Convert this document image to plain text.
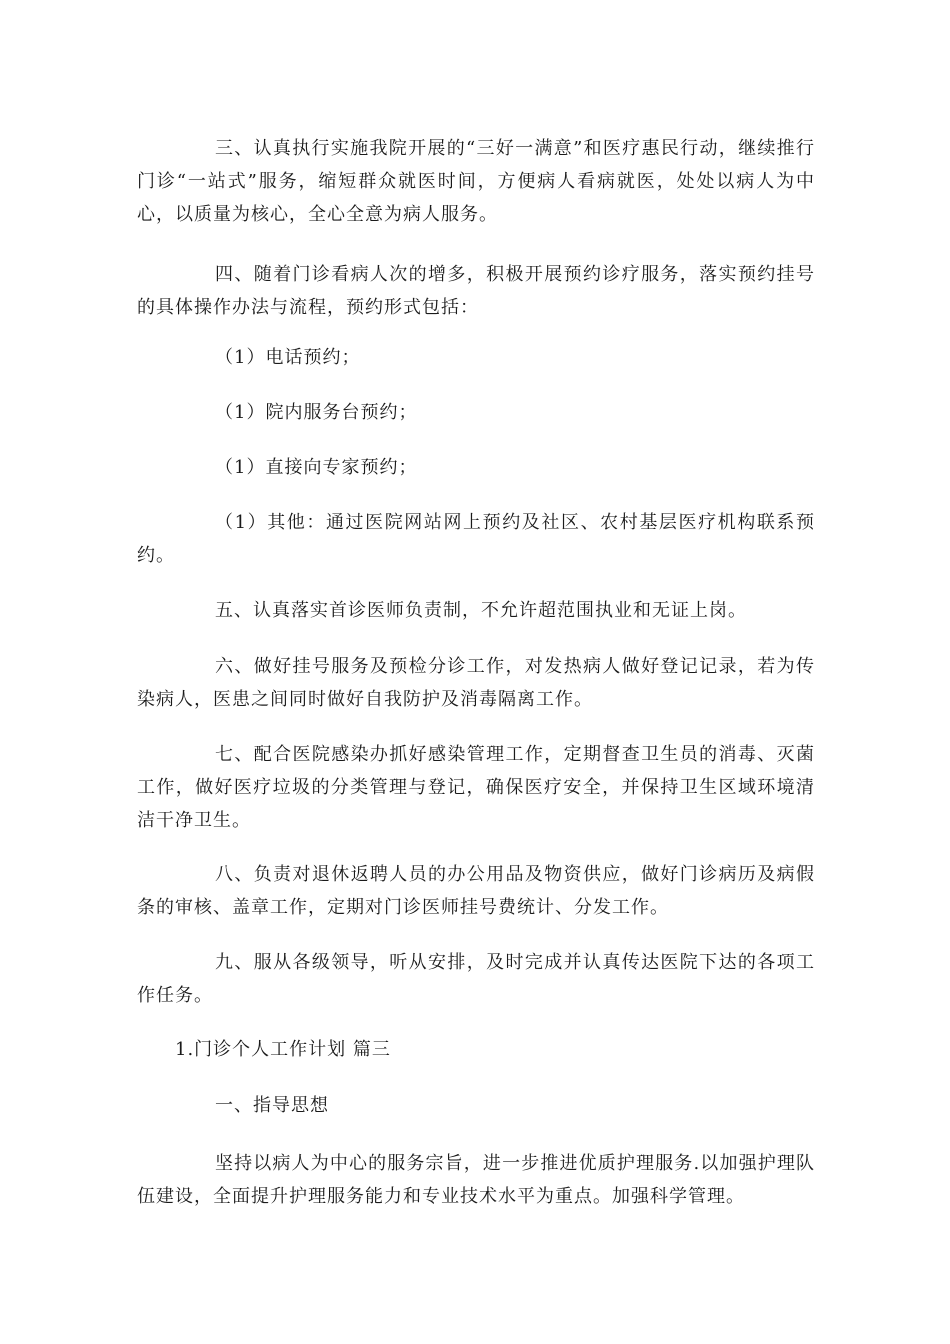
三、认真执行实施我院开展的“三好一满意”和医疗惠民行动，继续推行门诊“一站式”服务，缩短群众就医时间，方便病人看病就医，处处以病人为中心，以质量为核心，全心全意为病人服务。

四、随着门诊看病人次的增多，积极开展预约诊疗服务，落实预约挂号的具体操作办法与流程，预约形式包括：

（1）电话预约；

（1）院内服务台预约；

（1）直接向专家预约；

（1）其他：通过医院网站网上预约及社区、农村基层医疗机构联系预约。

五、认真落实首诊医师负责制，不允许超范围执业和无证上岗。

六、做好挂号服务及预检分诊工作，对发热病人做好登记记录，若为传染病人，医患之间同时做好自我防护及消毒隔离工作。

七、配合医院感染办抓好感染管理工作，定期督查卫生员的消毒、灭菌工作，做好医疗垃圾的分类管理与登记，确保医疗安全，并保持卫生区域环境清洁干净卫生。

八、负责对退休返聘人员的办公用品及物资供应，做好门诊病历及病假条的审核、盖章工作，定期对门诊医师挂号费统计、分发工作。

九、服从各级领导，听从安排，及时完成并认真传达医院下达的各项工作任务。

1.门诊个人工作计划 篇三

一、指导思想

坚持以病人为中心的服务宗旨，进一步推进优质护理服务.以加强护理队伍建设，全面提升护理服务能力和专业技术水平为重点。加强科学管理。
